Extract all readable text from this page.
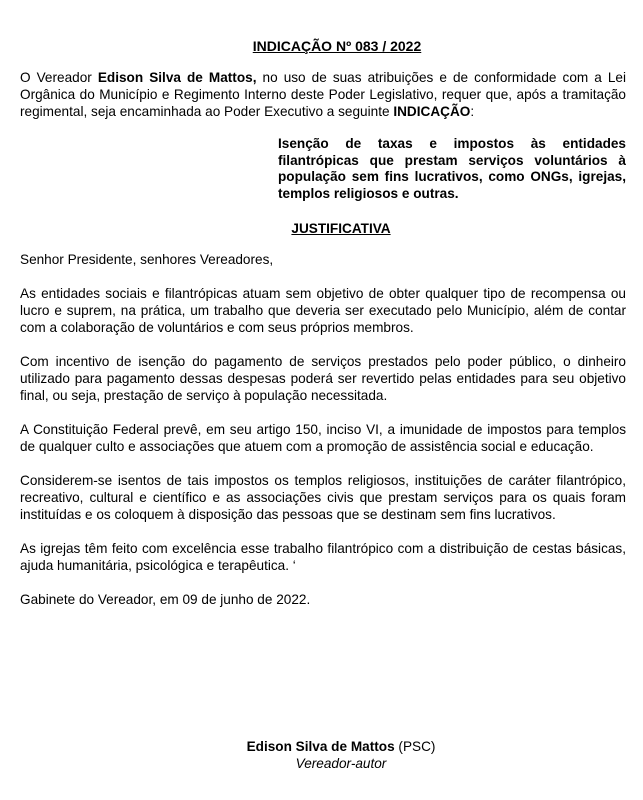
INDICAÇÃO Nº 083 / 2022

O Vereador Edison Silva de Mattos, no uso de suas atribuições e de conformidade com a Lei Orgânica do Município e Regimento Interno deste Poder Legislativo, requer que, após a tramitação regimental, seja encaminhada ao Poder Executivo a seguinte INDICAÇÃO:

Isenção de taxas e impostos às entidades filantrópicas que prestam serviços voluntários à população sem fins lucrativos, como ONGs, igrejas, templos religiosos e outras.
JUSTIFICATIVA

Senhor Presidente, senhores Vereadores,

As entidades sociais e filantrópicas atuam sem objetivo de obter qualquer tipo de recompensa ou lucro e suprem, na prática, um trabalho que deveria ser executado pelo Município, além de contar com a colaboração de voluntários e com seus próprios membros.

Com incentivo de isenção do pagamento de serviços prestados pelo poder público, o dinheiro utilizado para pagamento dessas despesas poderá ser revertido pelas entidades para seu objetivo final, ou seja, prestação de serviço à população necessitada.

A Constituição Federal prevê, em seu artigo 150, inciso VI, a imunidade de impostos para templos de qualquer culto e associações que atuem com a promoção de assistência social e educação.

Considerem-se isentos de tais impostos os templos religiosos, instituições de caráter filantrópico, recreativo, cultural e científico e as associações civis que prestam serviços para os quais foram instituídas e os coloquem à disposição das pessoas que se destinam sem fins lucrativos.

As igrejas têm feito com excelência esse trabalho filantrópico com a distribuição de cestas básicas, ajuda humanitária, psicológica e terapêutica. ‘

Gabinete do Vereador, em 09 de junho de 2022.

Edison Silva de Mattos (PSC)
Vereador-autor
